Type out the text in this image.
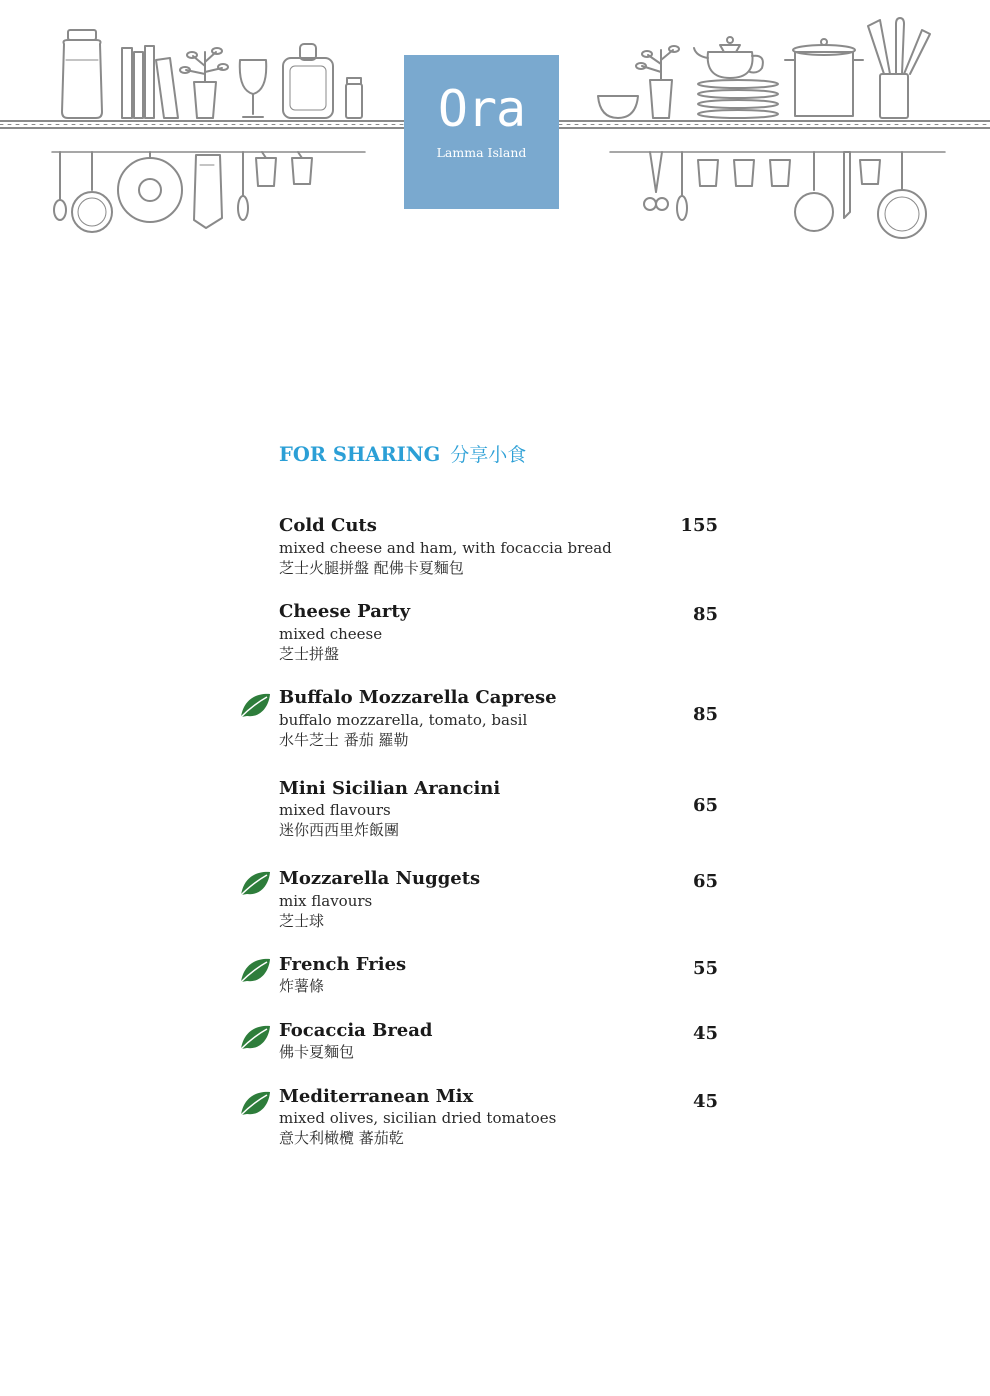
Ora
Lamma Island
FOR SHARING 分享小食
Cold Cuts
mixed cheese and ham, with focaccia bread
芝士火腿拼盤 配佛卡夏麵包
155
Cheese Party
mixed cheese
芝士拼盤
85
Buffalo Mozzarella Caprese
buffalo mozzarella, tomato, basil
水牛芝士 番茄 羅勒
85
Mini Sicilian Arancini
mixed flavours
迷你西西里炸飯團
65
Mozzarella Nuggets
mix flavours
芝士球
65
French Fries
炸薯條
55
Focaccia Bread
佛卡夏麵包
45
Mediterranean Mix
mixed olives, sicilian dried tomatoes
意大利橄欖 蕃茄乾
45
